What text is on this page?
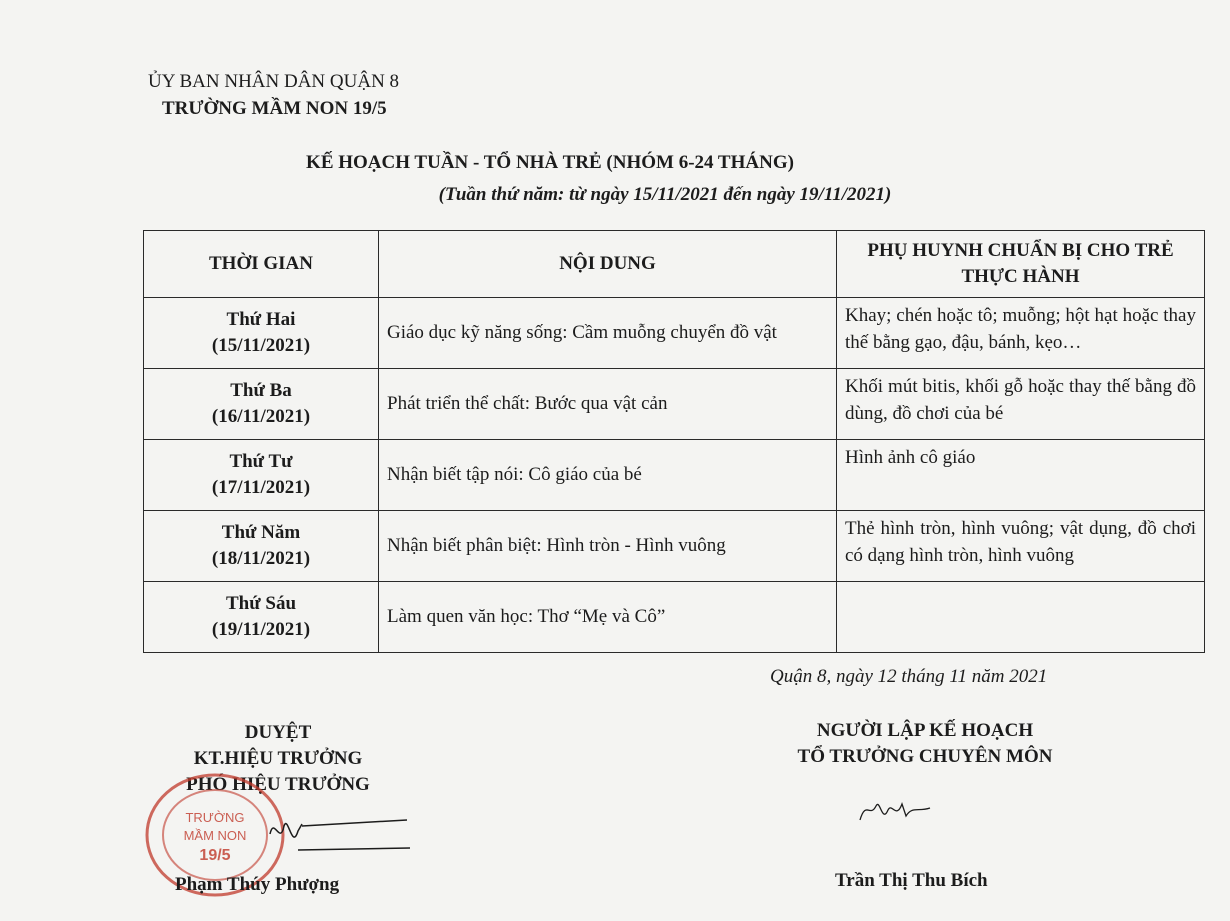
ỦY BAN NHÂN DÂN QUẬN 8
TRƯỜNG MẦM NON 19/5
KẾ HOẠCH TUẦN - TỔ NHÀ TRẺ (NHÓM 6-24 THÁNG)
(Tuần thứ năm: từ ngày 15/11/2021 đến ngày 19/11/2021)
THỜI GIAN	NỘI DUNG	PHỤ HUYNH CHUẨN BỊ CHO TRẺ THỰC HÀNH

Thứ Hai
(15/11/2021)	Giáo dục kỹ năng sống: Cầm muỗng chuyển đồ vật	Khay; chén hoặc tô; muỗng; hột hạt hoặc thay thế bằng gạo, đậu, bánh, kẹo…

Thứ Ba
(16/11/2021)	Phát triển thể chất: Bước qua vật cản	Khối mút bitis, khối gỗ hoặc thay thế bằng đồ dùng, đồ chơi của bé

Thứ Tư
(17/11/2021)	Nhận biết tập nói: Cô giáo của bé	Hình ảnh cô giáo

Thứ Năm
(18/11/2021)	Nhận biết phân biệt: Hình tròn - Hình vuông	Thẻ hình tròn, hình vuông; vật dụng, đồ chơi có dạng hình tròn, hình vuông

Thứ Sáu
(19/11/2021)	Làm quen văn học: Thơ “Mẹ và Cô”	
Quận 8, ngày 12 tháng 11 năm 2021
DUYỆT
KT.HIỆU TRƯỞNG
PHÓ HIỆU TRƯỞNG
TRƯỜNG
MẦM NON
19/5
NGƯỜI LẬP KẾ HOẠCH
TỔ TRƯỞNG CHUYÊN MÔN
Phạm Thúy Phượng	Trần Thị Thu Bích
